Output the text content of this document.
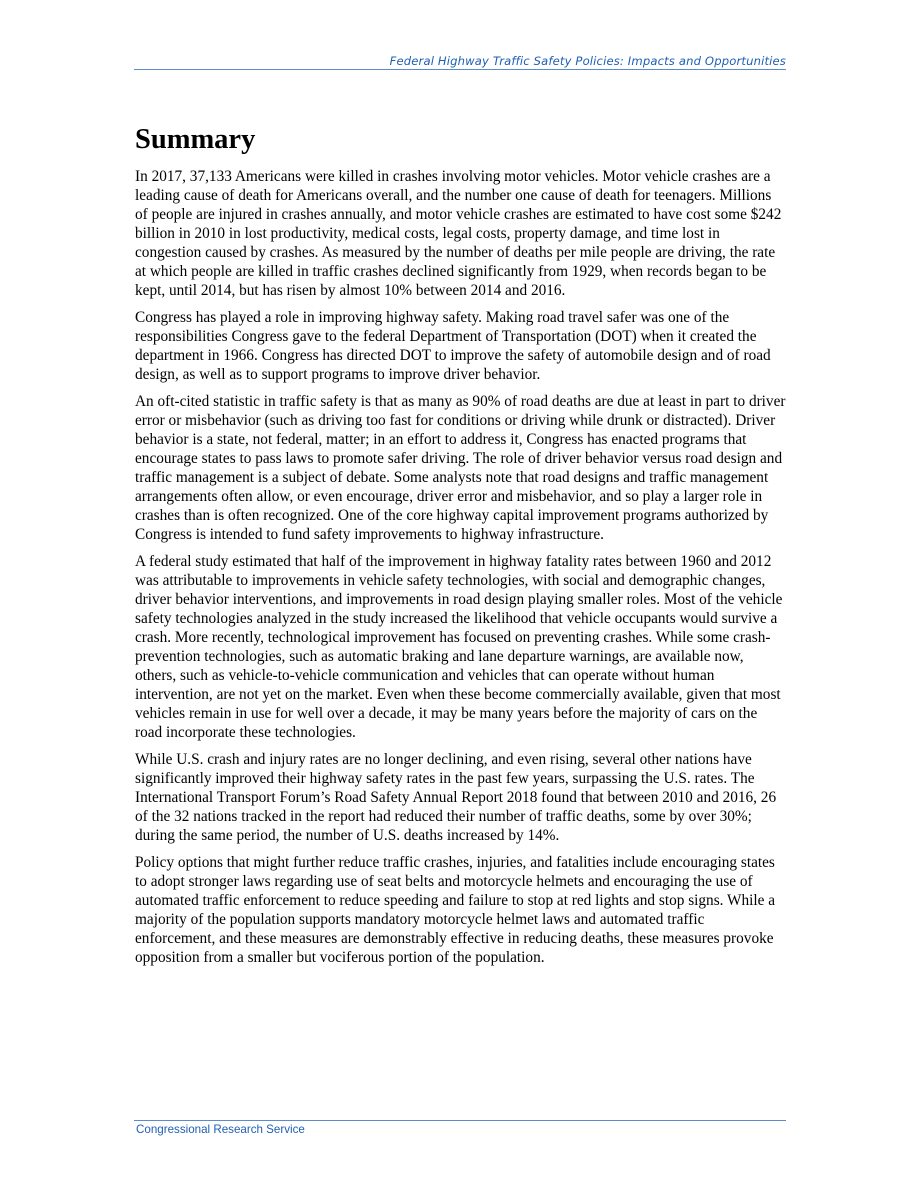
Federal Highway Traffic Safety Policies: Impacts and Opportunities
Summary

In 2017, 37,133 Americans were killed in crashes involving motor vehicles. Motor vehicle crashes are a leading cause of death for Americans overall, and the number one cause of death for teenagers. Millions of people are injured in crashes annually, and motor vehicle crashes are estimated to have cost some $242 billion in 2010 in lost productivity, medical costs, legal costs, property damage, and time lost in congestion caused by crashes. As measured by the number of deaths per mile people are driving, the rate at which people are killed in traffic crashes declined significantly from 1929, when records began to be kept, until 2014, but has risen by almost 10% between 2014 and 2016.

Congress has played a role in improving highway safety. Making road travel safer was one of the responsibilities Congress gave to the federal Department of Transportation (DOT) when it created the department in 1966. Congress has directed DOT to improve the safety of automobile design and of road design, as well as to support programs to improve driver behavior.

An oft-cited statistic in traffic safety is that as many as 90% of road deaths are due at least in part to driver error or misbehavior (such as driving too fast for conditions or driving while drunk or distracted). Driver behavior is a state, not federal, matter; in an effort to address it, Congress has enacted programs that encourage states to pass laws to promote safer driving. The role of driver behavior versus road design and traffic management is a subject of debate. Some analysts note that road designs and traffic management arrangements often allow, or even encourage, driver error and misbehavior, and so play a larger role in crashes than is often recognized. One of the core highway capital improvement programs authorized by Congress is intended to fund safety improvements to highway infrastructure.

A federal study estimated that half of the improvement in highway fatality rates between 1960 and 2012 was attributable to improvements in vehicle safety technologies, with social and demographic changes, driver behavior interventions, and improvements in road design playing smaller roles. Most of the vehicle safety technologies analyzed in the study increased the likelihood that vehicle occupants would survive a crash. More recently, technological improvement has focused on preventing crashes. While some crash-prevention technologies, such as automatic braking and lane departure warnings, are available now, others, such as vehicle-to-vehicle communication and vehicles that can operate without human intervention, are not yet on the market. Even when these become commercially available, given that most vehicles remain in use for well over a decade, it may be many years before the majority of cars on the road incorporate these technologies.

While U.S. crash and injury rates are no longer declining, and even rising, several other nations have significantly improved their highway safety rates in the past few years, surpassing the U.S. rates. The International Transport Forum’s Road Safety Annual Report 2018 found that between 2010 and 2016, 26 of the 32 nations tracked in the report had reduced their number of traffic deaths, some by over 30%; during the same period, the number of U.S. deaths increased by 14%.

Policy options that might further reduce traffic crashes, injuries, and fatalities include encouraging states to adopt stronger laws regarding use of seat belts and motorcycle helmets and encouraging the use of automated traffic enforcement to reduce speeding and failure to stop at red lights and stop signs. While a majority of the population supports mandatory motorcycle helmet laws and automated traffic enforcement, and these measures are demonstrably effective in reducing deaths, these measures provoke opposition from a smaller but vociferous portion of the population.

Congressional Research Service
